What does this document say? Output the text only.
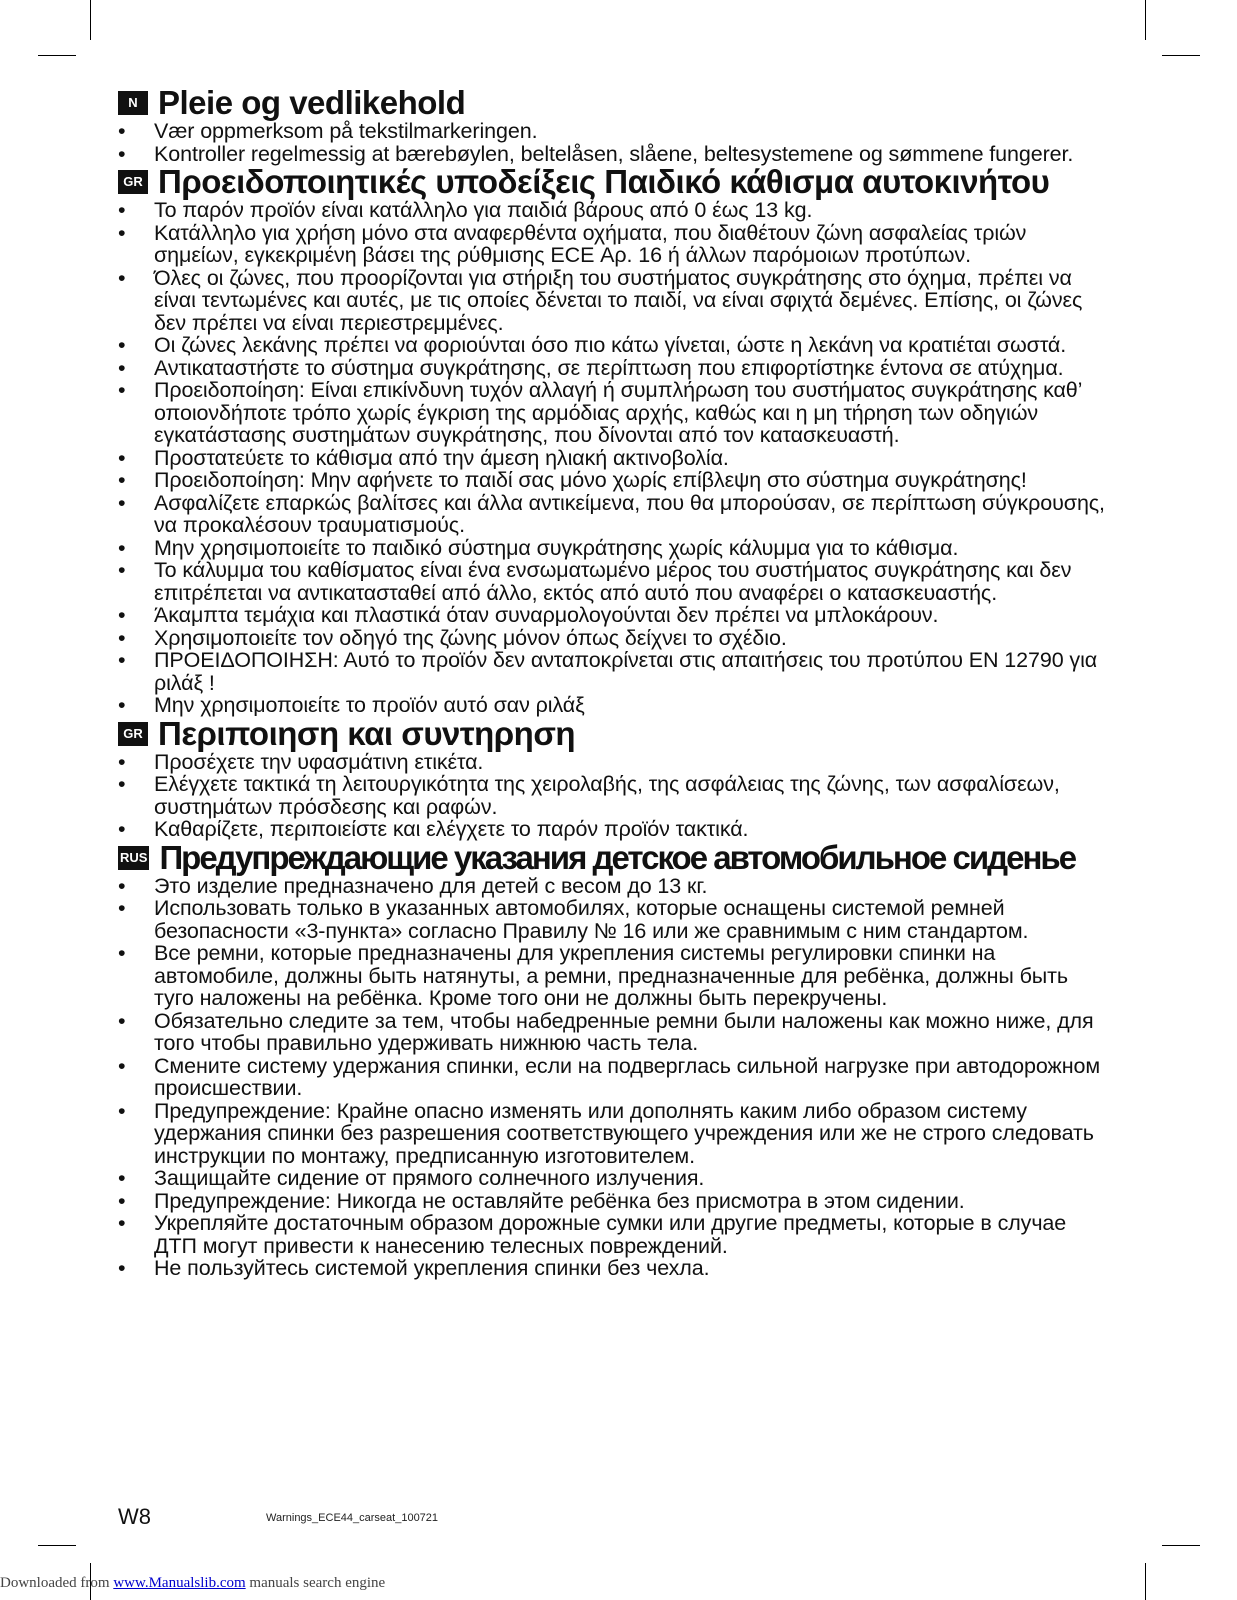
N Pleie og vedlikehold
• Vær oppmerksom på tekstilmarkeringen.
• Kontroller regelmessig at bærebøylen, beltelåsen, slåene, beltesystemene og sømmene fungerer.
GR Προειδοποιητικές υποδείξεις Παιδικό κάθισμα αυτοκινήτου
• Το παρόν προϊόν είναι κατάλληλο για παιδιά βάρους από 0 έως 13 kg.
• Κατάλληλο για χρήση μόνο στα αναφερθέντα οχήματα, που διαθέτουν ζώνη ασφαλείας τριών σημείων, εγκεκριμένη βάσει της ρύθμισης ECE Αρ. 16 ή άλλων παρόμοιων προτύπων.
• Όλες οι ζώνες, που προορίζονται για στήριξη του συστήματος συγκράτησης στο όχημα, πρέπει να είναι τεντωμένες και αυτές, με τις οποίες δένεται το παιδί, να είναι σφιχτά δεμένες. Επίσης, οι ζώνες δεν πρέπει να είναι περιεστρεμμένες.
• Οι ζώνες λεκάνης πρέπει να φοριούνται όσο πιο κάτω γίνεται, ώστε η λεκάνη να κρατιέται σωστά.
• Αντικαταστήστε το σύστημα συγκράτησης, σε περίπτωση που επιφορτίστηκε έντονα σε ατύχημα.
• Προειδοποίηση: Είναι επικίνδυνη τυχόν αλλαγή ή συμπλήρωση του συστήματος συγκράτησης καθ’ οποιονδήποτε τρόπο χωρίς έγκριση της αρμόδιας αρχής, καθώς και η μη τήρηση των οδηγιών εγκατάστασης συστημάτων συγκράτησης, που δίνονται από τον κατασκευαστή.
• Προστατεύετε το κάθισμα από την άμεση ηλιακή ακτινοβολία.
• Προειδοποίηση: Μην αφήνετε το παιδί σας μόνο χωρίς επίβλεψη στο σύστημα συγκράτησης!
• Ασφαλίζετε επαρκώς βαλίτσες και άλλα αντικείμενα, που θα μπορούσαν, σε περίπτωση σύγκρουσης, να προκαλέσουν τραυματισμούς.
• Μην χρησιμοποιείτε το παιδικό σύστημα συγκράτησης χωρίς κάλυμμα για το κάθισμα.
• Το κάλυμμα του καθίσματος είναι ένα ενσωματωμένο μέρος του συστήματος συγκράτησης και δεν επιτρέπεται να αντικατασταθεί από άλλο, εκτός από αυτό που αναφέρει ο κατασκευαστής.
• Άκαμπτα τεμάχια και πλαστικά όταν συναρμολογούνται δεν πρέπει να μπλοκάρουν.
• Χρησιμοποιείτε τον οδηγό της ζώνης μόνον όπως δείχνει το σχέδιο.
• ΠΡΟΕΙΔΟΠΟΙΗΣΗ: Αυτό το προϊόν δεν ανταποκρίνεται στις απαιτήσεις του προτύπου EN 12790 για ριλάξ !
• Μην χρησιμοποιείτε το προϊόν αυτό σαν ριλάξ
GR Περιποιηση και συντηρηση
• Προσέχετε την υφασμάτινη ετικέτα.
• Ελέγχετε τακτικά τη λειτουργικότητα της χειρολαβής, της ασφάλειας της ζώνης, των ασφαλίσεων, συστημάτων πρόσδεσης και ραφών.
• Καθαρίζετε, περιποιείστε και ελέγχετε το παρόν προϊόν τακτικά.
RUS Предупреждающие указания детское автомобильное сиденье
• Это изделие предназначено для детей с весом до 13 кг.
• Использовать только в указанных автомобилях, которые оснащены системой ремней безопасности «3-пункта» согласно Правилу № 16 или же сравнимым с ним стандартом.
• Все ремни, которые предназначены для укрепления системы регулировки спинки на автомобиле, должны быть натянуты, а ремни, предназначенные для ребёнка, должны быть туго наложены на ребёнка. Кроме того они не должны быть перекручены.
• Обязательно следите за тем, чтобы набедренные ремни были наложены как можно ниже, для того чтобы правильно удерживать нижнюю часть тела.
• Смените систему удержания спинки, если на подверглась сильной нагрузке при автодорожном происшествии.
• Предупреждение: Крайне опасно изменять или дополнять каким либо образом систему удержания спинки без разрешения соответствующего учреждения или же не строго следовать инструкции по монтажу, предписанную изготовителем.
• Защищайте сидение от прямого солнечного излучения.
• Предупреждение: Никогда не оставляйте ребёнка без присмотра в этом сидении.
• Укрепляйте достаточным образом дорожные сумки или другие предметы, которые в случае ДТП могут привести к нанесению телесных повреждений.
• Не пользуйтесь системой укрепления спинки без чехла.
W8	Warnings_ECE44_carseat_100721
Downloaded from www.Manualslib.com manuals search engine
